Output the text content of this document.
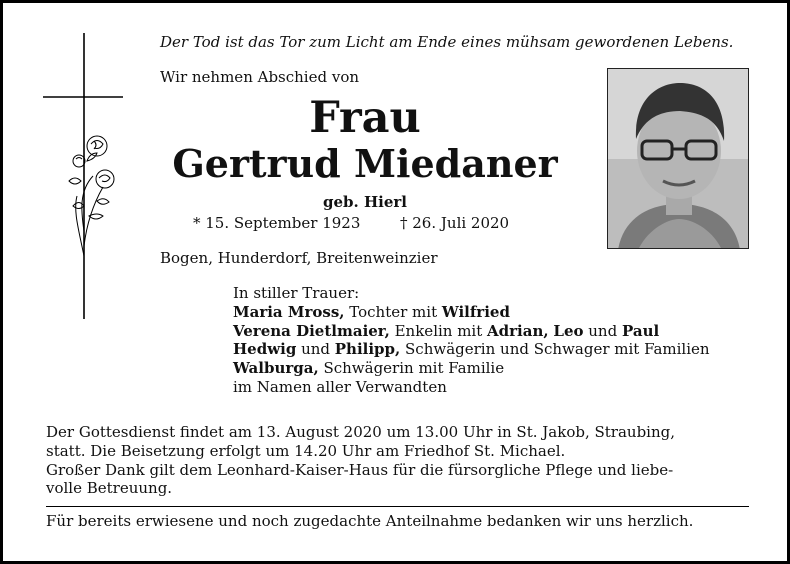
Der Tod ist das Tor zum Licht am Ende eines mühsam gewordenen Lebens.
Wir nehmen Abschied von
Frau
Gertrud Miedaner
geb. Hierl
* 15. September 1923	† 26. Juli 2020
Bogen, Hunderdorf, Breitenweinzier
In stiller Trauer:
Maria Mross, Tochter mit Wilfried
Verena Dietlmaier, Enkelin mit Adrian, Leo und Paul
Hedwig und Philipp, Schwägerin und Schwager mit Familien
Walburga, Schwägerin mit Familie
im Namen aller Verwandten
Der Gottesdienst findet am 13. August 2020 um 13.00 Uhr in St. Jakob, Straubing,
statt. Die Beisetzung erfolgt um 14.20 Uhr am Friedhof St. Michael.
Großer Dank gilt dem Leonhard-Kaiser-Haus für die fürsorgliche Pflege und liebe-
volle Betreuung.
Für bereits erwiesene und noch zugedachte Anteilnahme bedanken wir uns herzlich.
